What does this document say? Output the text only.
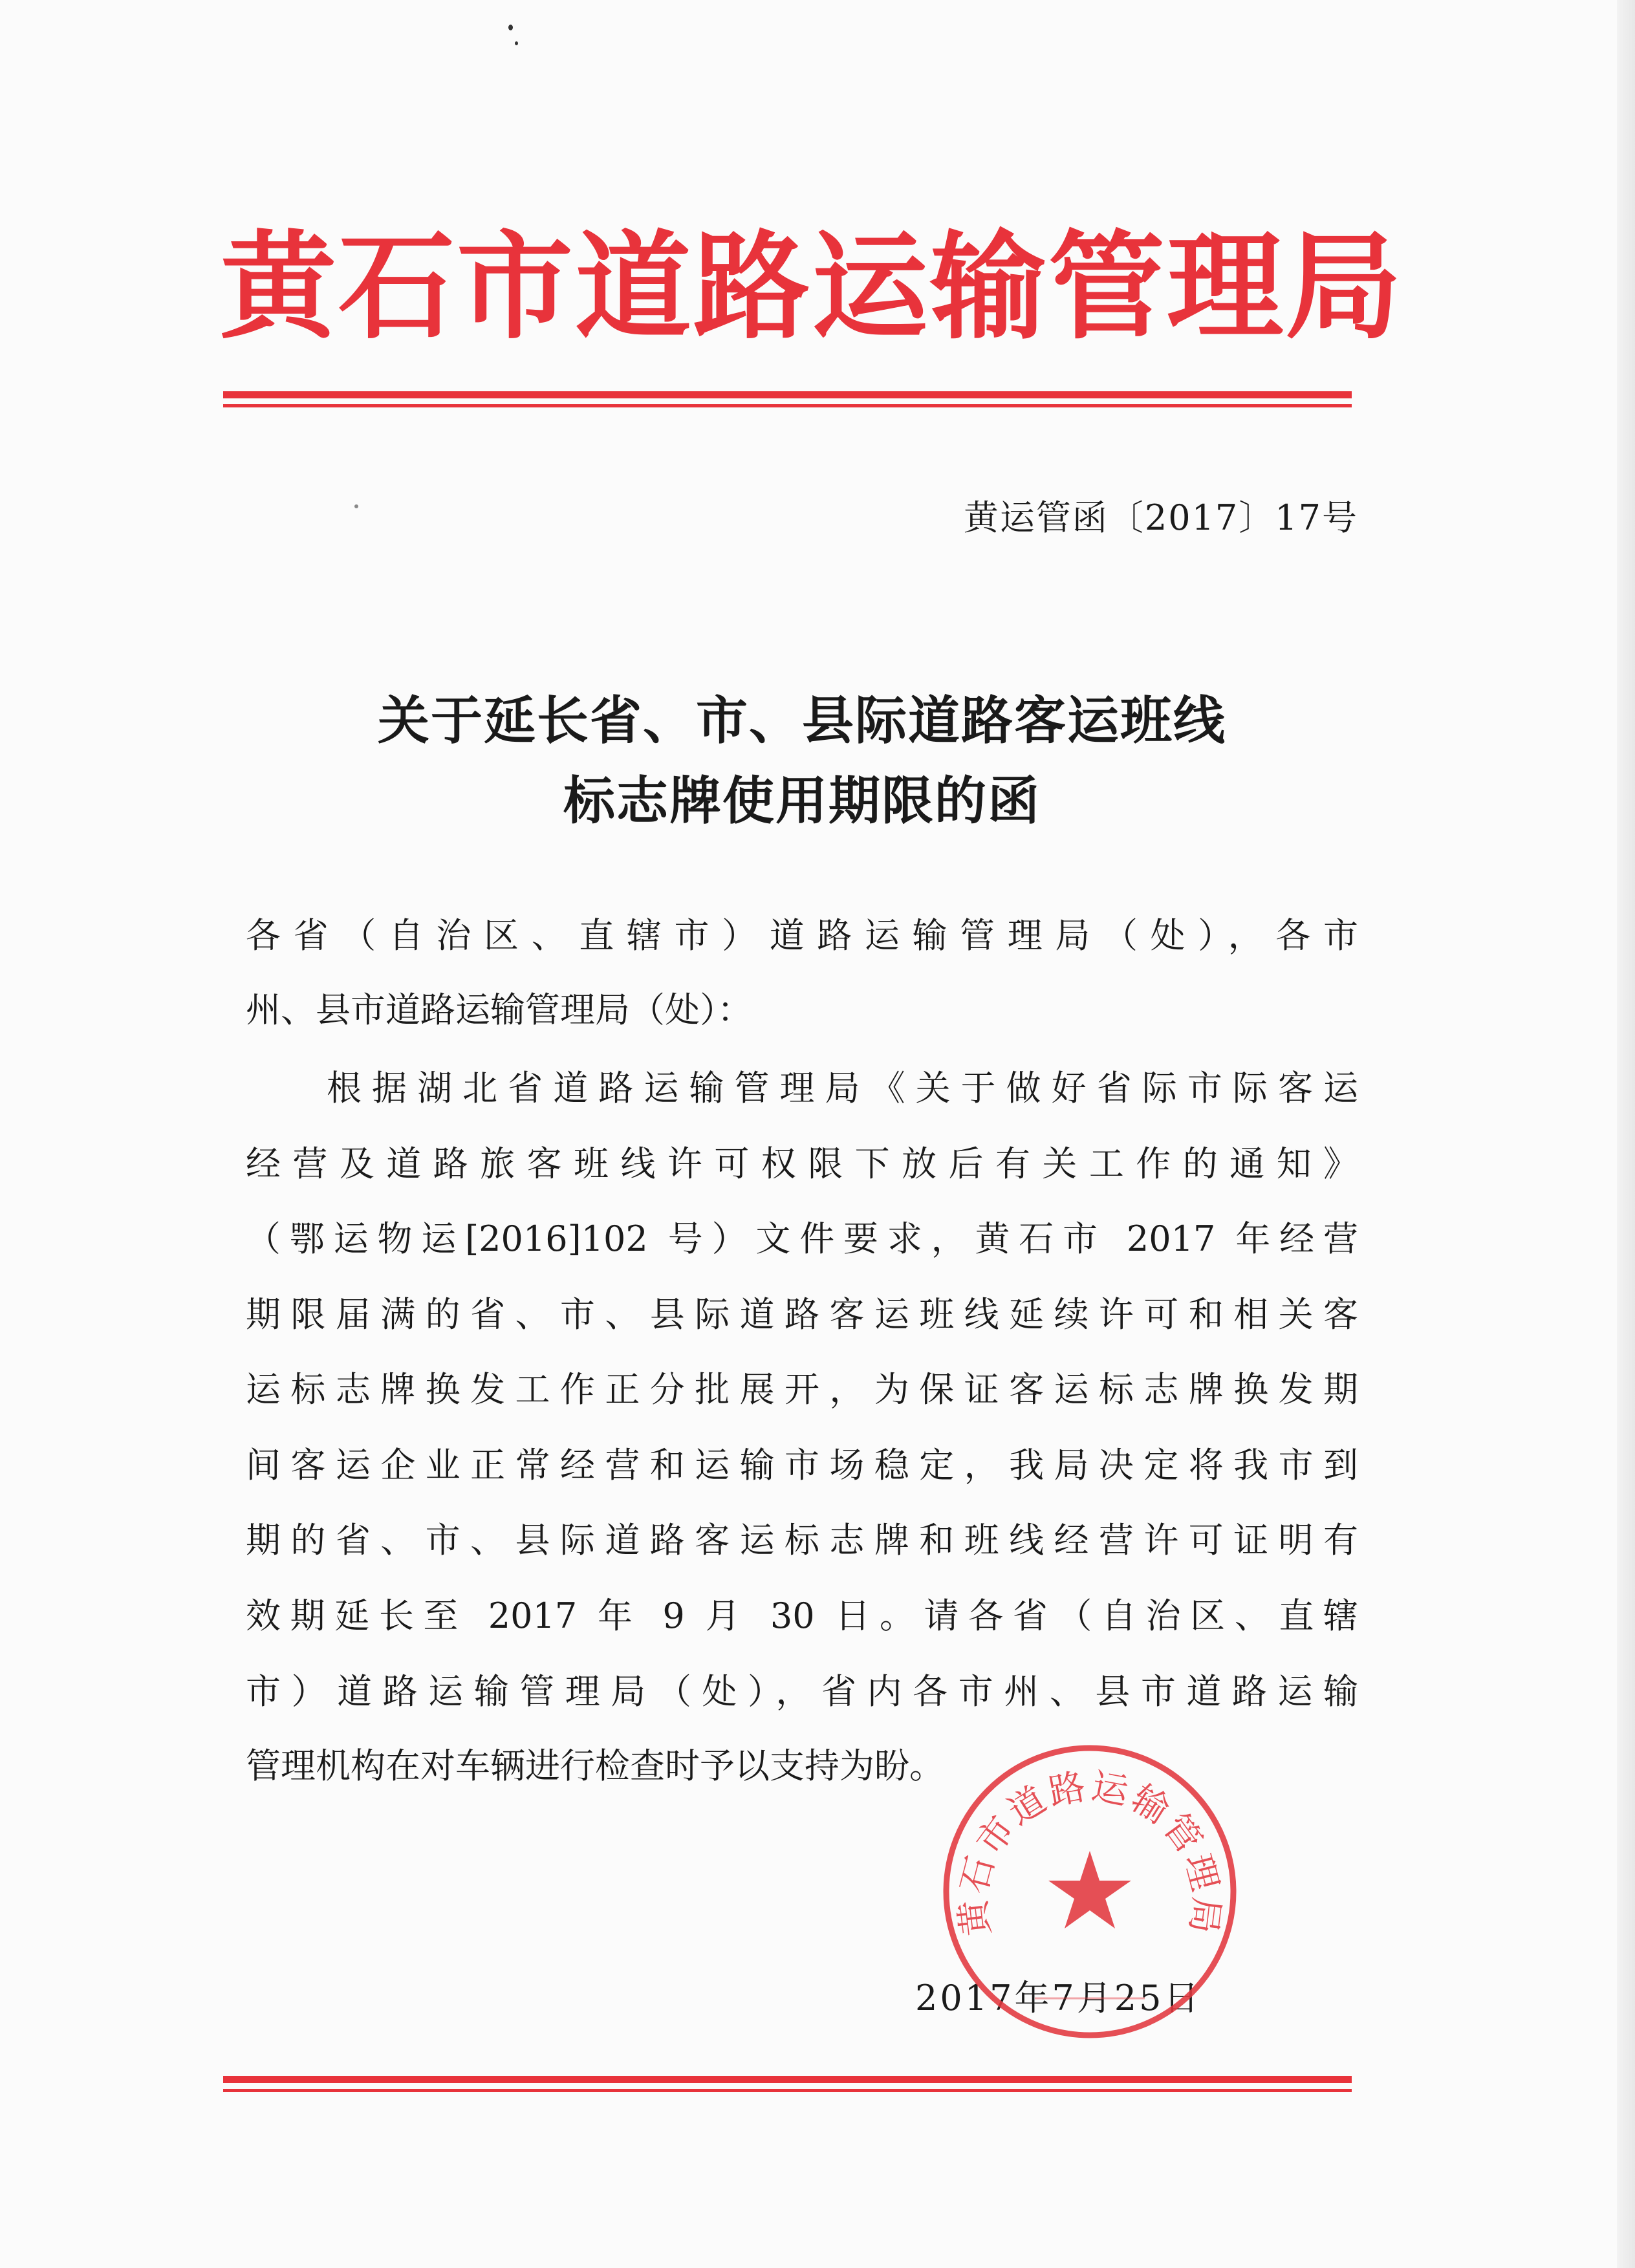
黄石市道路运输管理局
黄运管函〔2017〕17号
关于延长省、市、县际道路客运班线
标志牌使用期限的函
各省（自治区、直辖市）道路运输管理局（处），各市
州、县市道路运输管理局（处）：
根据湖北省道路运输管理局《关于做好省际市际客运
经营及道路旅客班线许可权限下放后有关工作的通知》
（鄂运物运[2016]102 号）文件要求，黄石市 2017 年经营
期限届满的省、市、县际道路客运班线延续许可和相关客
运标志牌换发工作正分批展开，为保证客运标志牌换发期
间客运企业正常经营和运输市场稳定，我局决定将我市到
期的省、市、县际道路客运标志牌和班线经营许可证明有
效期延长至 2017 年 9 月 30 日。请各省（自治区、直辖
市）道路运输管理局（处），省内各市州、县市道路运输
管理机构在对车辆进行检查时予以支持为盼。
2017年7月25日
黄石市道路运输管理局
